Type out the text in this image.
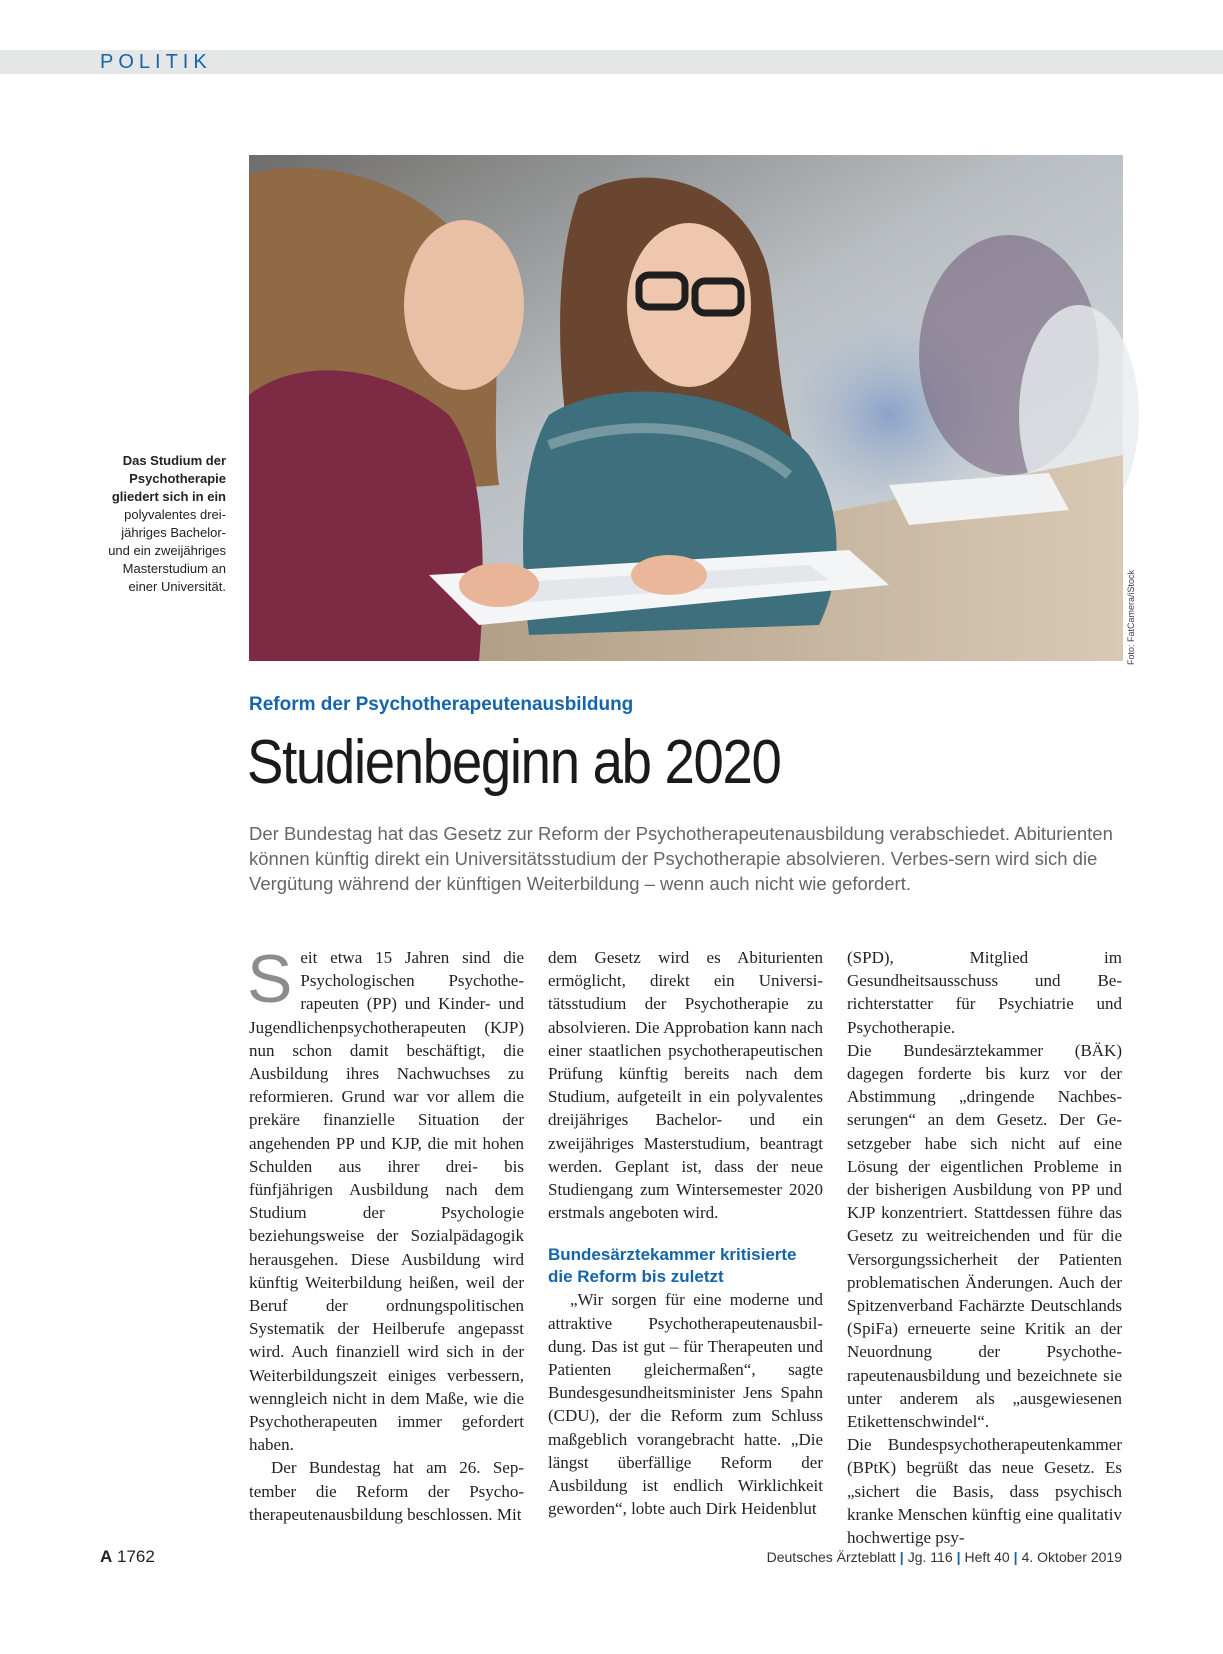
POLITIK
Foto: FatCamera/iStock
Das Studium der
Psychotherapie
gliedert sich in ein
polyvalentes drei-
jähriges Bachelor-
und ein zweijähriges
Masterstudium an
einer Universität.
Reform der Psychotherapeutenausbildung
Studienbeginn ab 2020
Der Bundestag hat das Gesetz zur Reform der Psychotherapeutenausbildung verabschiedet. Abiturienten können künftig direkt ein Universitätsstudium der Psychotherapie absolvieren. Verbes-sern wird sich die Vergütung während der künftigen Weiterbildung – wenn auch nicht wie gefordert.

Seit etwa 15 Jahren sind die Psychologischen Psychotherapeuten (PP) und Kinder- und Jugendlichenpsychotherapeuten (KJP) nun schon damit beschäftigt, die Ausbildung ihres Nachwuchses zu reformieren. Grund war vor allem die prekäre finanzielle Situation der angehenden PP und KJP, die mit hohen Schulden aus ihrer drei- bis fünfjährigen Ausbildung nach dem Studium der Psychologie beziehungsweise der Sozialpädagogik herausgehen. Diese Ausbildung wird künftig Weiterbildung heißen, weil der Beruf der ordnungspolitischen Systematik der Heilberufe angepasst wird. Auch finanziell wird sich in der Weiterbildungszeit einiges verbessern, wenngleich nicht in dem Maße, wie die Psychotherapeuten immer gefordert haben.

Der Bundestag hat am 26. September die Reform der Psychotherapeutenausbildung beschlossen. Mit

dem Gesetz wird es Abiturienten ermöglicht, direkt ein Universitätsstudium der Psychotherapie zu absolvieren. Die Approbation kann nach einer staatlichen psychotherapeutischen Prüfung künftig bereits nach dem Studium, aufgeteilt in ein polyvalentes dreijähriges Bachelor- und ein zweijähriges Masterstudium, beantragt werden. Geplant ist, dass der neue Studiengang zum Wintersemester 2020 erstmals angeboten wird.

Bundesärztekammer kritisierte die Reform bis zuletzt

„Wir sorgen für eine moderne und attraktive Psychotherapeutenausbildung. Das ist gut – für Therapeuten und Patienten gleichermaßen“, sagte Bundesgesundheitsminister Jens Spahn (CDU), der die Reform zum Schluss maßgeblich vorangebracht hatte. „Die längst überfällige Reform der Ausbildung ist endlich Wirklichkeit geworden“, lobte auch Dirk Heidenblut

(SPD), Mitglied im Gesundheitsausschuss und Berichterstatter für Psychiatrie und Psychotherapie.

Die Bundesärztekammer (BÄK) dagegen forderte bis kurz vor der Abstimmung „dringende Nachbesserungen“ an dem Gesetz. Der Gesetzgeber habe sich nicht auf eine Lösung der eigentlichen Probleme in der bisherigen Ausbildung von PP und KJP konzentriert. Stattdessen führe das Gesetz zu weitreichenden und für die Versorgungssicherheit der Patienten problematischen Änderungen. Auch der Spitzenverband Fachärzte Deutschlands (SpiFa) erneuerte seine Kritik an der Neuordnung der Psychotherapeutenausbildung und bezeichnete sie unter anderem als „ausgewiesenen Etikettenschwindel“.

Die Bundespsychotherapeutenkammer (BPtK) begrüßt das neue Gesetz. Es „sichert die Basis, dass psychisch kranke Menschen künftig eine qualitativ hochwertige psy-

A 1762	Deutsches Ärzteblatt | Jg. 116 | Heft 40 | 4. Oktober 2019
